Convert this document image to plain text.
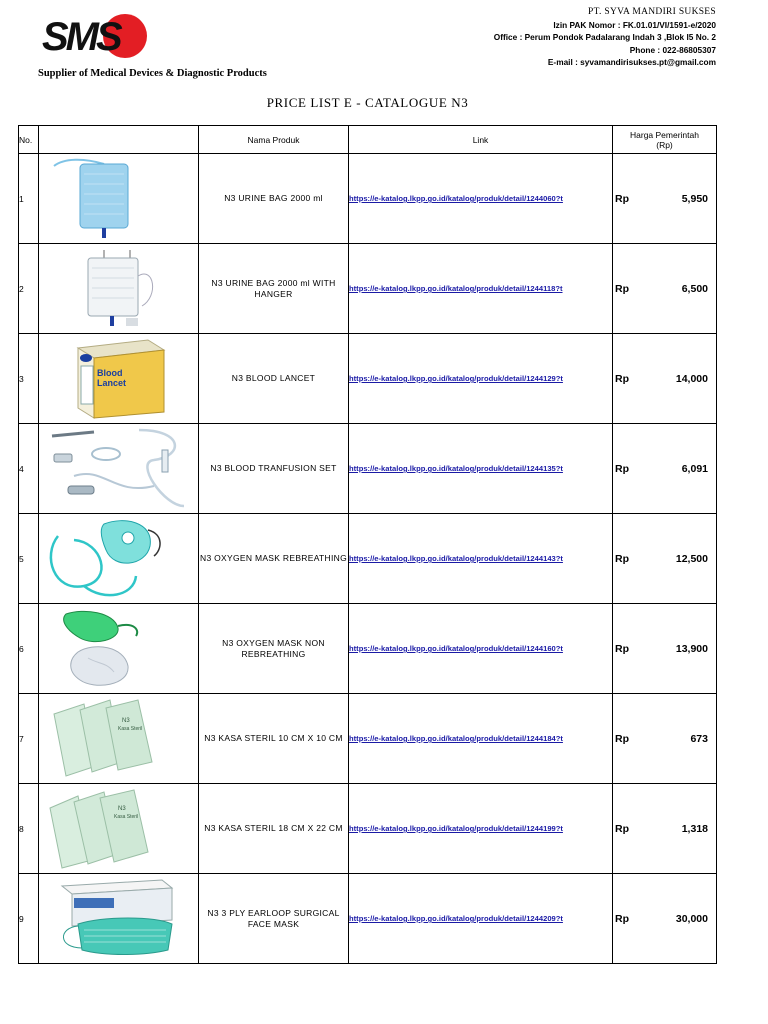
SMS
Supplier of Medical Devices & Diagnostic Products
PT. SYVA MANDIRI SUKSES
Izin PAK Nomor : FK.01.01/VI/1591-e/2020
Office : Perum Pondok Padalarang Indah 3 ,Blok I5 No. 2
Phone : 022-86805307
E-mail : syvamandirisukses.pt@gmail.com
PRICE LIST E - CATALOGUE N3
No.		Nama Produk	Link	Harga Pemerintah
(Rp)

1		N3 URINE BAG 2000 ml	https://e-katalog.lkpp.go.id/katalog/produk/detail/1244060?t	Rp 5,950

2		N3 URINE BAG 2000 ml WITH HANGER	https://e-katalog.lkpp.go.id/katalog/produk/detail/1244118?t	Rp 6,500

3		N3 BLOOD LANCET	https://e-katalog.lkpp.go.id/katalog/produk/detail/1244129?t	Rp 14,000

4		N3 BLOOD TRANFUSION SET	https://e-katalog.lkpp.go.id/katalog/produk/detail/1244135?t	Rp 6,091

5		N3 OXYGEN MASK REBREATHING	https://e-katalog.lkpp.go.id/katalog/produk/detail/1244143?t	Rp 12,500

6		N3 OXYGEN MASK NON REBREATHING	https://e-katalog.lkpp.go.id/katalog/produk/detail/1244160?t	Rp 13,900

7		N3 KASA STERIL 10 CM X 10 CM	https://e-katalog.lkpp.go.id/katalog/produk/detail/1244184?t	Rp 673

8		N3 KASA STERIL 18 CM X 22 CM	https://e-katalog.lkpp.go.id/katalog/produk/detail/1244199?t	Rp 1,318

9		N3 3 PLY EARLOOP SURGICAL FACE MASK	https://e-katalog.lkpp.go.id/katalog/produk/detail/1244209?t	Rp 30,000
